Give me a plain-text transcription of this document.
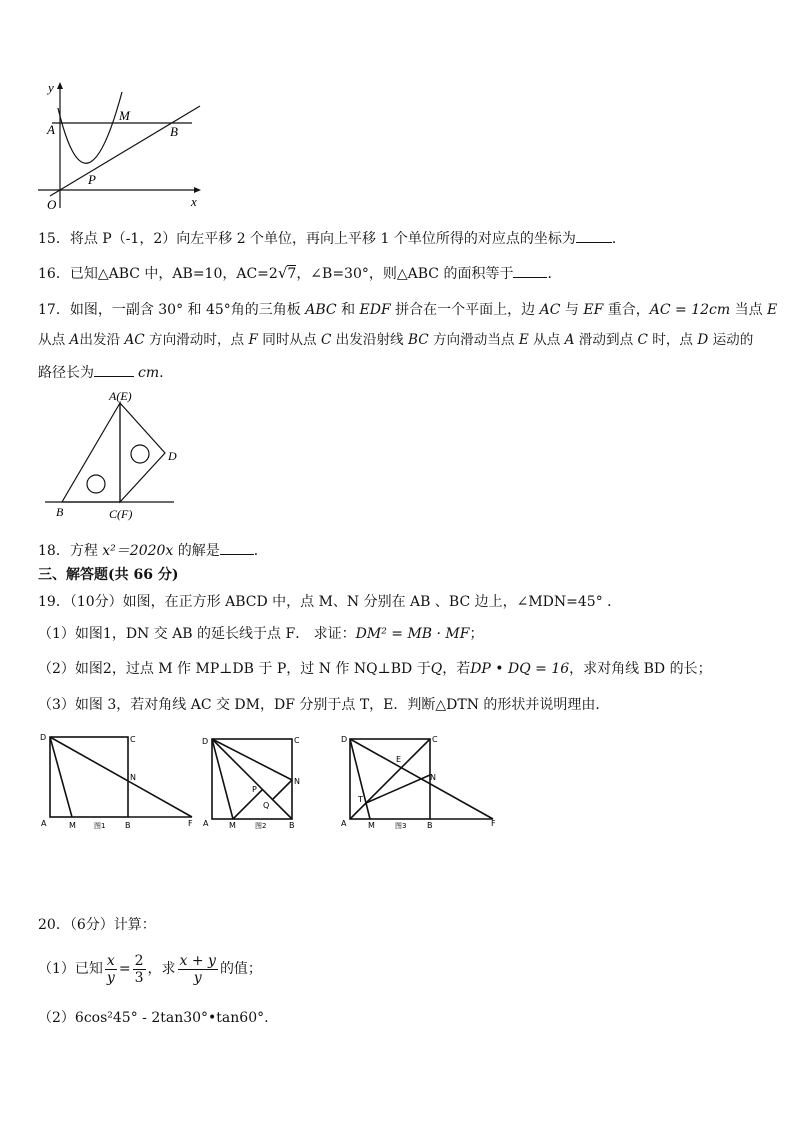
y
x
O
A
M
B
P
15．将点 P（-1，2）向左平移 2 个单位，再向上平移 1 个单位所得的对应点的坐标为	．
16．已知△ABC 中，AB=10，AC=2√7，∠B=30°，则△ABC 的面积等于 ．
17．如图，一副含 30° 和 45°角的三角板 ABC 和 EDF 拼合在一个平面上，边 AC 与 EF 重合，AC = 12cm 当点 E
从点 A出发沿 AC 方向滑动时，点 F 同时从点 C 出发沿射线 BC 方向滑动当点 E 从点 A 滑动到点 C 时，点 D 运动的
路径长为	cm.
A(E)
D
B	C(F)
18．方程 x²＝2020x 的解是 ．
三、解答题(共 66 分)
19．（10分）如图，在正方形 ABCD 中，点 M、N 分别在 AB 、BC 边上，∠MDN=45° ．
（1）如图1，DN 交 AB 的延长线于点 F． 求证：DM² = MB · MF；
（2）如图2，过点 M 作 MP⊥DB 于 P，过 N 作 NQ⊥BD 于Q，若DP • DQ = 16，求对角线 BD 的长；
（3）如图 3，若对角线 AC 交 DM，DF 分别于点 T，E．判断△DTN 的形状并说明理由．
D	C
N
A	M	图1 B	F
D	C
N
P
Q
A	M	图2	B
D	C
E
N
T
A	M	图3	B	F
20．（6分）计算：
（1）已知 $\frac{x}{y} = \frac{2}{3}$ ，求 $\frac{x + y}{y}$ 的值；
（2）6cos²45° - 2tan30°•tan60°.
